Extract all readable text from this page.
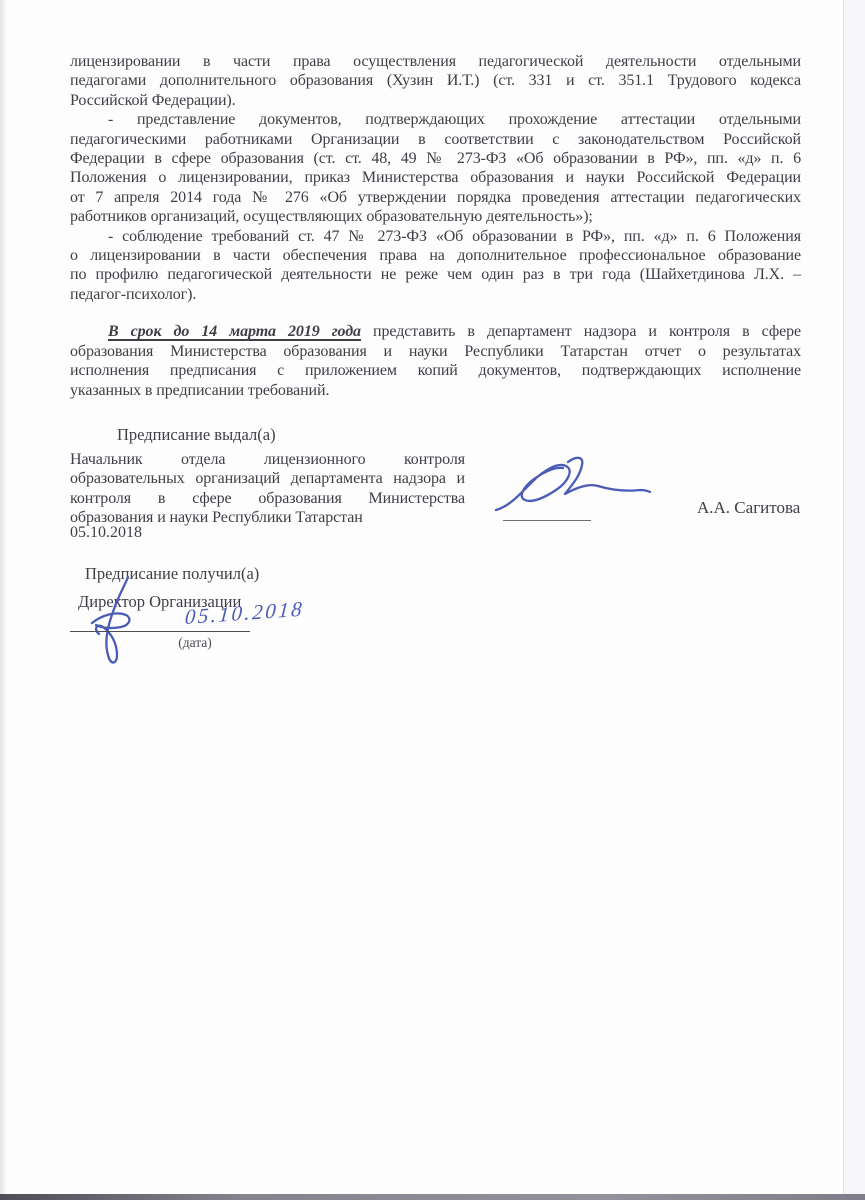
лицензировании в части права осуществления педагогической деятельности отдельными
педагогами дополнительного образования (Хузин И.Т.) (ст. 331 и ст. 351.1 Трудового кодекса
Российской Федерации).
- представление документов, подтверждающих прохождение аттестации отдельными
педагогическими работниками Организации в соответствии с законодательством Российской
Федерации в сфере образования (ст. ст. 48, 49 № 273-ФЗ «Об образовании в РФ», пп. «д» п. 6
Положения о лицензировании, приказ Министерства образования и науки Российской Федерации
от 7 апреля 2014 года № 276 «Об утверждении порядка проведения аттестации педагогических
работников организаций, осуществляющих образовательную деятельность»);
- соблюдение требований ст. 47 № 273-ФЗ «Об образовании в РФ», пп. «д» п. 6 Положения
о лицензировании в части обеспечения права на дополнительное профессиональное образование
по профилю педагогической деятельности не реже чем один раз в три года (Шайхетдинова Л.Х. –
педагог-психолог).
В срок до 14 марта 2019 года представить в департамент надзора и контроля в сфере
образования Министерства образования и науки Республики Татарстан отчет о результатах
исполнения предписания с приложением копий документов, подтверждающих исполнение
указанных в предписании требований.
Предписание выдал(а)
Начальник отдела лицензионного контроля
образовательных организаций департамента надзора и
контроля в сфере образования Министерства
образования и науки Республики Татарстан
05.10.2018
А.А. Сагитова
Предписание получил(а)
Директор Организации
05.10.2018
(дата)
